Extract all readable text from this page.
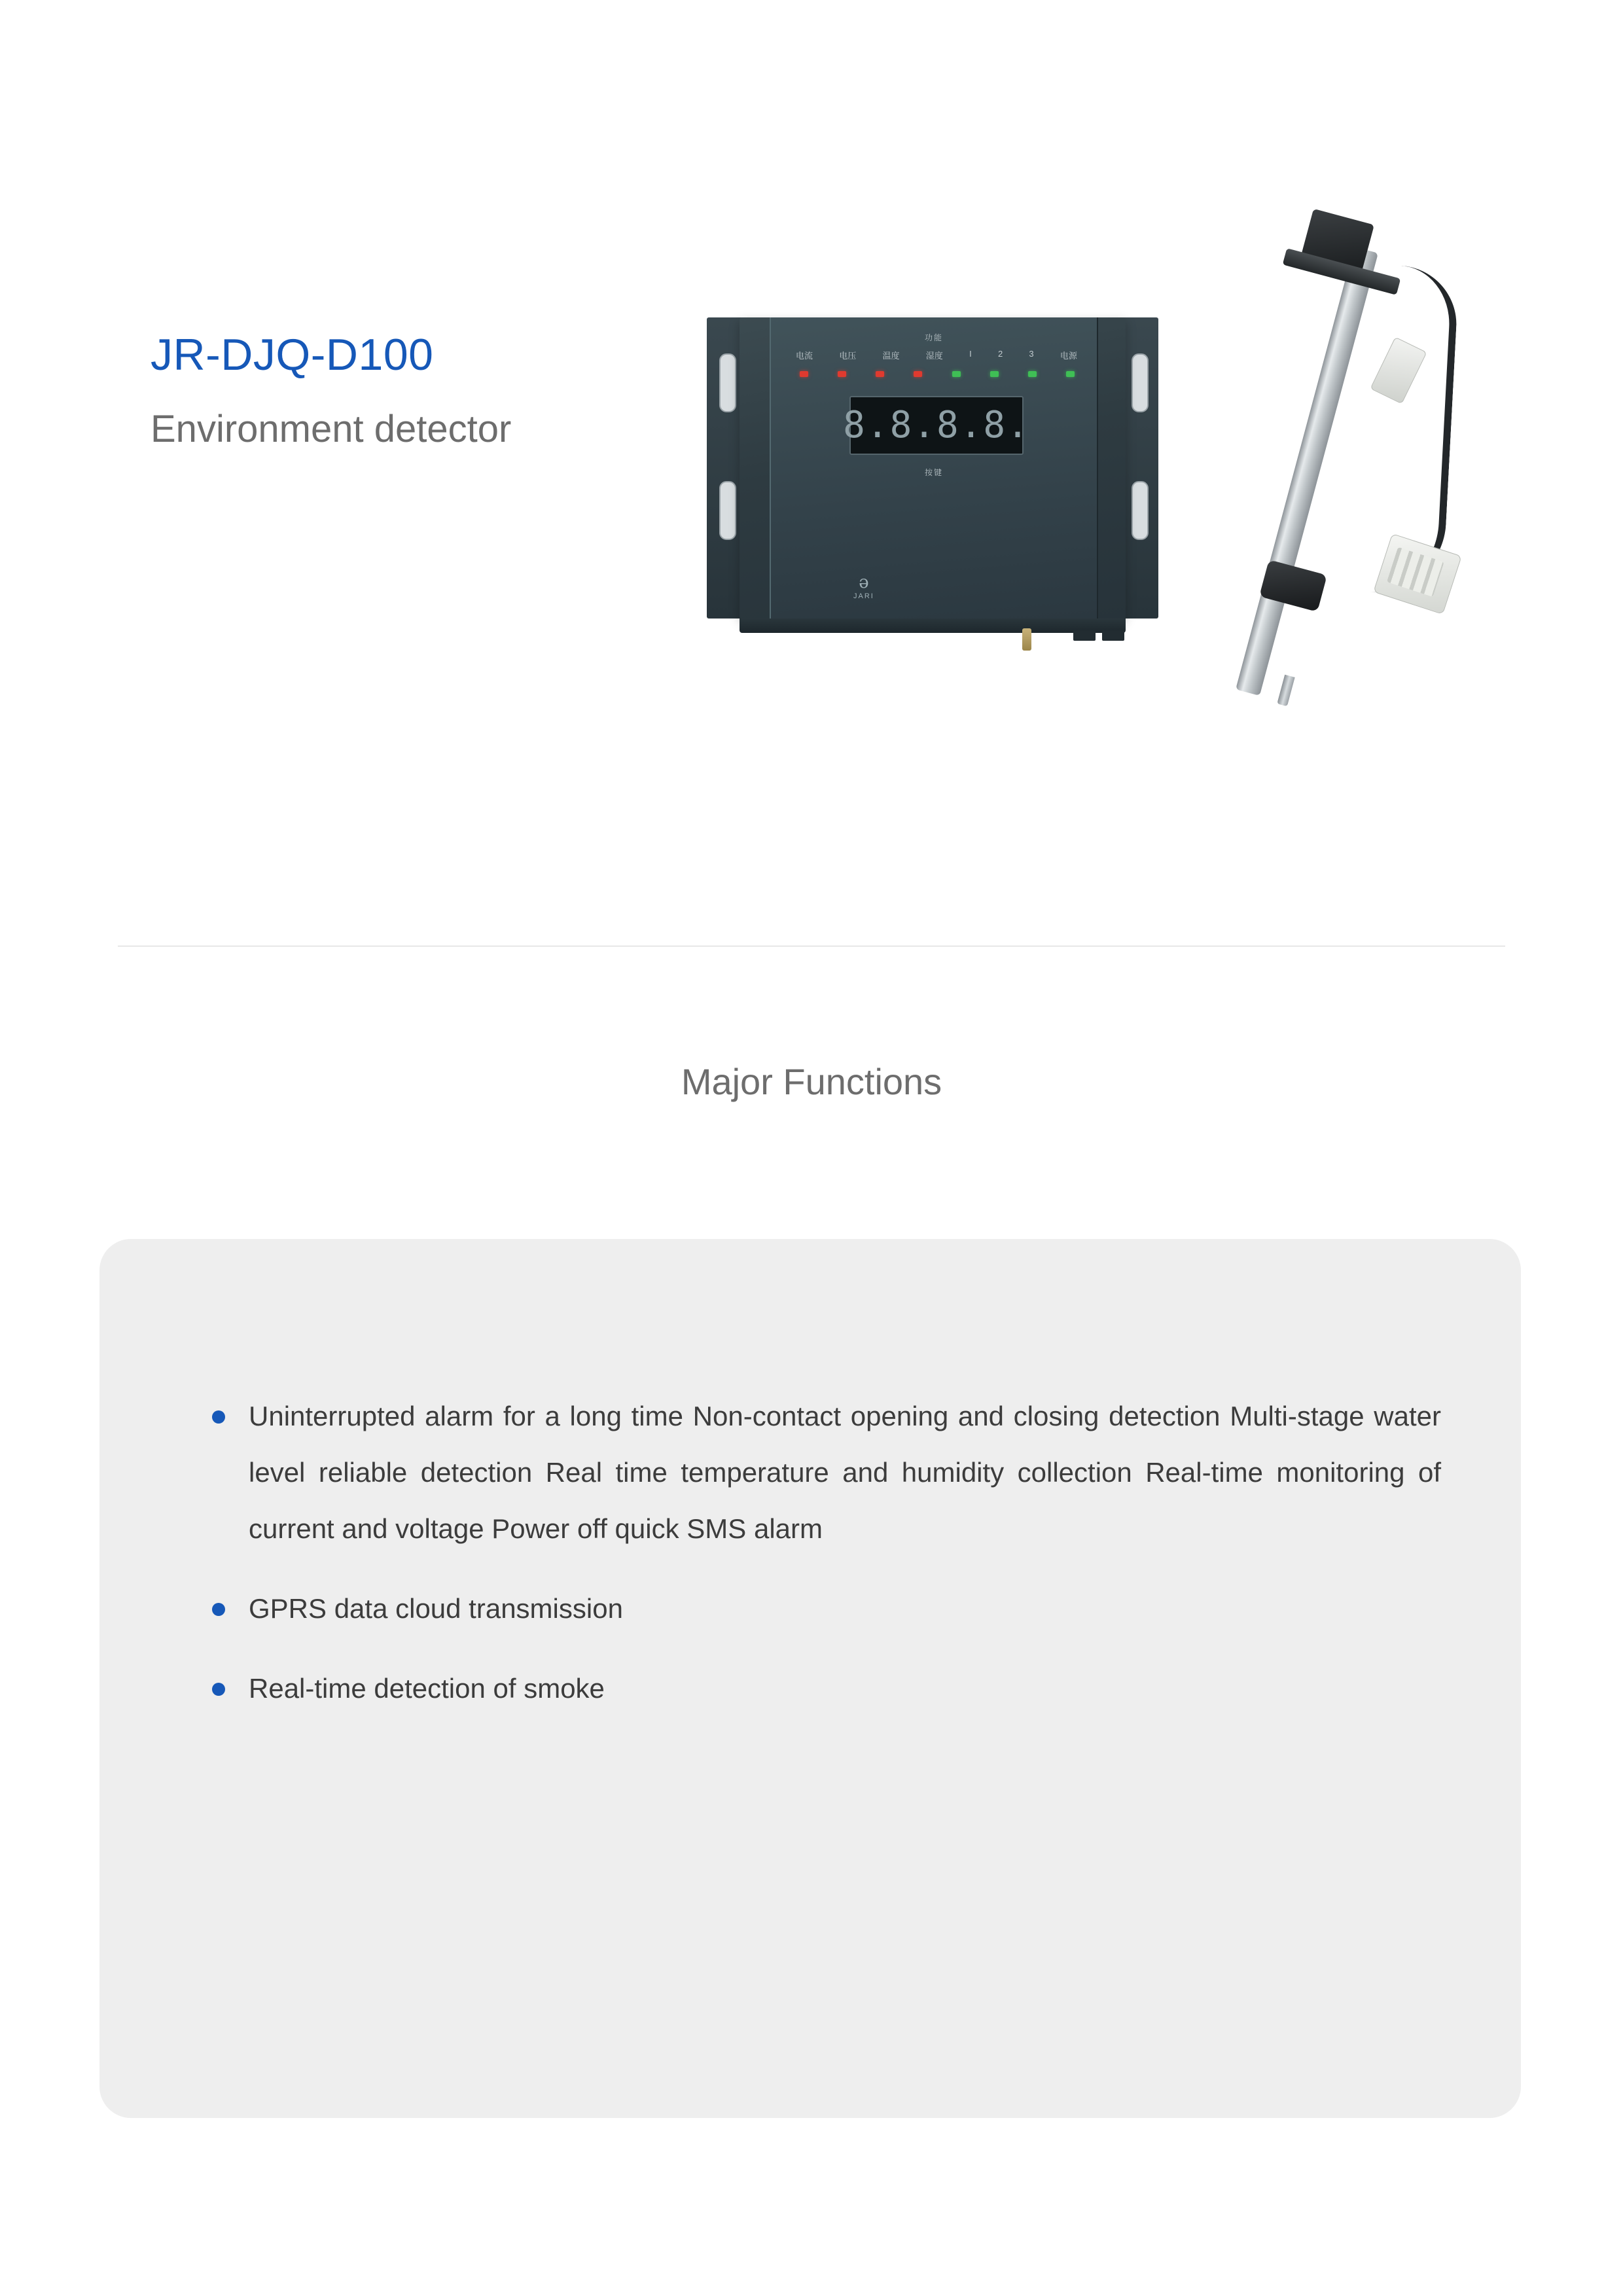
JR-DJQ-D100
Environment detector
功能
电流	电压	温度	湿度	I	2	3	电源
8.8.8.8.
按键
ə
JARI
Major Functions
Uninterrupted alarm for a long time Non‑contact opening and closing detection Multi‑stage water level reliable detection Real time temperature and humidity collection Real-time monitoring of current and voltage Power off quick SMS alarm
GPRS data cloud transmission
Real-time detection of smoke
